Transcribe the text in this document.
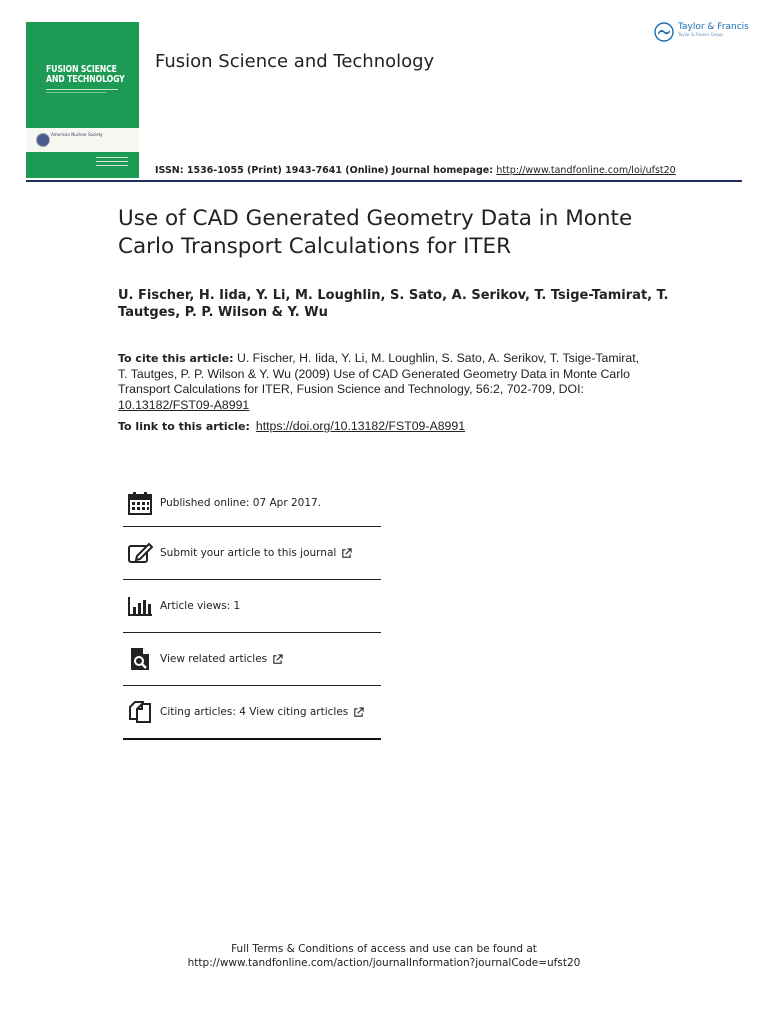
FUSION SCIENCE
AND TECHNOLOGY
American Nuclear Society
Fusion Science and Technology
Taylor & Francis
Taylor & Francis Group
ISSN: 1536-1055 (Print) 1943-7641 (Online) Journal homepage: http://www.tandfonline.com/loi/ufst20
Use of CAD Generated Geometry Data in Monte Carlo Transport Calculations for ITER
U. Fischer, H. Iida, Y. Li, M. Loughlin, S. Sato, A. Serikov, T. Tsige-Tamirat, T. Tautges, P. P. Wilson & Y. Wu
To cite this article: U. Fischer, H. Iida, Y. Li, M. Loughlin, S. Sato, A. Serikov, T. Tsige-Tamirat, T. Tautges, P. P. Wilson & Y. Wu (2009) Use of CAD Generated Geometry Data in Monte Carlo Transport Calculations for ITER, Fusion Science and Technology, 56:2, 702-709, DOI: 10.13182/FST09-A8991
To link to this article: https://doi.org/10.13182/FST09-A8991
Published online: 07 Apr 2017.
Submit your article to this journal
Article views: 1
View related articles
Citing articles: 4 View citing articles
Full Terms & Conditions of access and use can be found at
http://www.tandfonline.com/action/journalInformation?journalCode=ufst20
